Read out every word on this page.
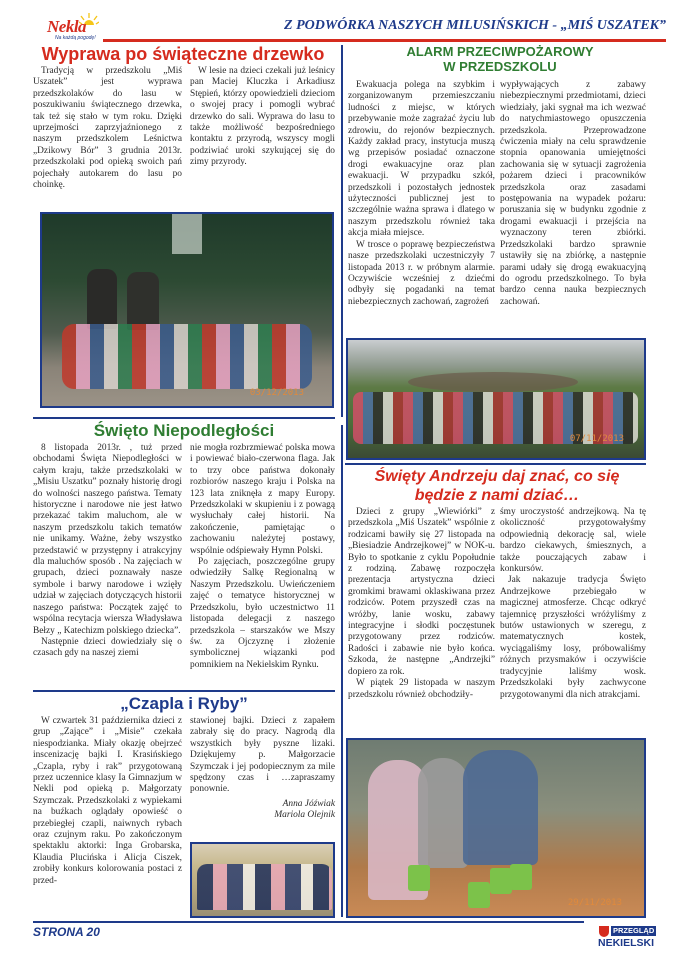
Nekla
Na każdą pogodę!
Z PODWÓRKA NASZYCH MILUSIŃSKICH - „MIŚ USZATEK”
Wyprawa po świąteczne drzewko

Tradycją w przedszkolu „Miś Uszatek” jest wyprawa przedszkolaków do lasu w poszukiwaniu świątecznego drzewka, tak też się stało w tym roku. Dzięki uprzejmości zaprzyjaźnionego z naszym przedszkolem Leśnictwa „Dzikowy Bór” 3 grudnia 2013r. przedszkolaki pod opieką swoich pań pojechały autokarem do lasu po choinkę.

W lesie na dzieci czekali już leśnicy pan Maciej Kluczka i Arkadiusz Stępień, którzy opowiedzieli dzieciom o swojej pracy i pomogli wybrać drzewko do sali. Wyprawa do lasu to także możliwość bezpośredniego kontaktu z przyrodą, wszyscy mogli podziwiać uroki szykującej się do zimy przyrody.

03/12/2013
ALARM PRZECIWPOŻAROWY
W PRZEDSZKOLU

Ewakuacja polega na szybkim i zorganizowanym przemieszczaniu ludności z miejsc, w których przebywanie może zagrażać życiu lub zdrowiu, do rejonów bezpiecznych. Każdy zakład pracy, instytucja muszą wg przepisów posiadać oznaczone drogi ewakuacyjne oraz plan ewakuacji. W przypadku szkół, przedszkoli i pozostałych jednostek użyteczności publicznej jest to szczególnie ważna sprawa i dlatego w naszym przedszkolu również taka akcja miała miejsce.

W trosce o poprawę bezpieczeństwa nasze przedszkolaki uczestniczyły 7 listopada 2013 r. w próbnym alarmie. Oczywiście wcześniej z dziećmi odbyły się pogadanki na temat niebezpiecznych zachowań, zagrożeń

wypływających z zabawy niebezpiecznymi przedmiotami, dzieci wiedziały, jaki sygnał ma ich wezwać do natychmiastowego opuszczenia przedszkola. Przeprowadzone ćwiczenia miały na celu sprawdzenie stopnia opanowania umiejętności zachowania się w sytuacji zagrożenia pożarem dzieci i pracowników przedszkola oraz zasadami postępowania na wypadek pożaru: poruszania się w budynku zgodnie z drogami ewakuacji i przejścia na wyznaczony teren zbiórki. Przedszkolaki bardzo sprawnie ustawiły się na zbiórkę, a następnie parami udały się drogą ewakuacyjną do ogrodu przedszkolnego. To była bardzo cenna nauka bezpiecznych zachowań.

07/11/2013
Święto Niepodległości

8 listopada 2013r. , tuż przed obchodami Święta Niepodległości w całym kraju, także przedszkolaki w „Misiu Uszatku” poznały historię drogi do wolności naszego państwa. Tematy historyczne i narodowe nie jest łatwo przekazać takim maluchom, ale w naszym przedszkolu takich tematów nie unikamy. Ważne, żeby wszystko przedstawić w przystępny i atrakcyjny dla maluchów sposób . Na zajęciach w grupach, dzieci poznawały nasze symbole i barwy narodowe i wzięły udział w zajęciach dotyczących historii naszego państwa: Początek zajęć to wspólna recytacja wiersza Władysława Bełzy „ Katechizm polskiego dziecka”.

Następnie dzieci dowiedziały się o czasach gdy na naszej ziemi

nie mogła rozbrzmiewać polska mowa i powiewać biało-czerwona flaga. Jak to trzy obce państwa dokonały rozbiorów naszego kraju i Polska na 123 lata zniknęła z mapy Europy. Przedszkolaki w skupieniu i z powagą wysłuchały całej historii. Na zakończenie, pamiętając o zachowaniu należytej postawy, wspólnie odśpiewały Hymn Polski.

Po zajęciach, poszczególne grupy odwiedziły Salkę Regionalną w Naszym Przedszkolu. Uwieńczeniem zajęć o tematyce historycznej w Przedszkolu, było uczestnictwo 11 listopada delegacji z naszego przedszkola – starszaków we Mszy św. za Ojczyznę i złożenie symbolicznej wiązanki pod pomnikiem na Nekielskim Rynku.

„Czapla i Ryby”

W czwartek 31 października dzieci z grup „Zające” i „Misie” czekała niespodzianka. Miały okazję obejrzeć inscenizację bajki I. Krasińskiego „Czapla, ryby i rak” przygotowaną przez uczennice klasy Ia Gimnazjum w Nekli pod opieką p. Małgorzaty Szymczak. Przedszkolaki z wypiekami na buźkach oglądały opowieść o przebiegłej czapli, naiwnych rybach oraz czujnym raku. Po zakończonym spektaklu aktorki: Inga Grobarska, Klaudia Plucińska i Alicja Ciszek, zrobiły konkurs kolorowania postaci z przed-

stawionej bajki. Dzieci z zapałem zabrały się do pracy. Nagrodą dla wszystkich były pyszne lizaki. Dziękujemy p. Małgorzacie Szymczak i jej podopiecznym za mile spędzony czas i …zapraszamy ponownie.

Anna Jóźwiak
Mariola Olejnik
Święty Andrzeju daj znać, co się będzie z nami dziać…

Dzieci z grupy „Wiewiórki” z przedszkola „Miś Uszatek” wspólnie z rodzicami bawiły się 27 listopada na „Biesiadzie Andrzejkowej” w NOK-u. Było to spotkanie z cyklu Popołudnie z rodziną. Zabawę rozpoczęła prezentacja artystyczna dzieci gromkimi brawami oklaskiwana przez rodziców. Potem przyszedł czas na wróżby, lanie wosku, zabawy integracyjne i słodki poczęstunek przygotowany przez rodziców. Radości i zabawie nie było końca. Szkoda, że następne „Andrzejki” dopiero za rok.

W piątek 29 listopada w naszym przedszkolu również obchodziły-

śmy uroczystość andrzejkową. Na tę okoliczność przygotowałyśmy odpowiednią dekorację sal, wiele bardzo ciekawych, śmiesznych, a także pouczających zabaw i konkursów.

Jak nakazuje tradycja Święto Andrzejkowe przebiegało w magicznej atmosferze. Chcąc odkryć tajemnicę przyszłości wróżyliśmy z butów ustawionych w szeregu, z matematycznych kostek, wyciągaliśmy losy, próbowaliśmy różnych przysmaków i oczywiście tradycyjnie laliśmy wosk. Przedszkolaki były zachwycone przygotowanymi dla nich atrakcjami.

29/11/2013
STRONA 20	PRZEGLĄD
NEKIELSKI
